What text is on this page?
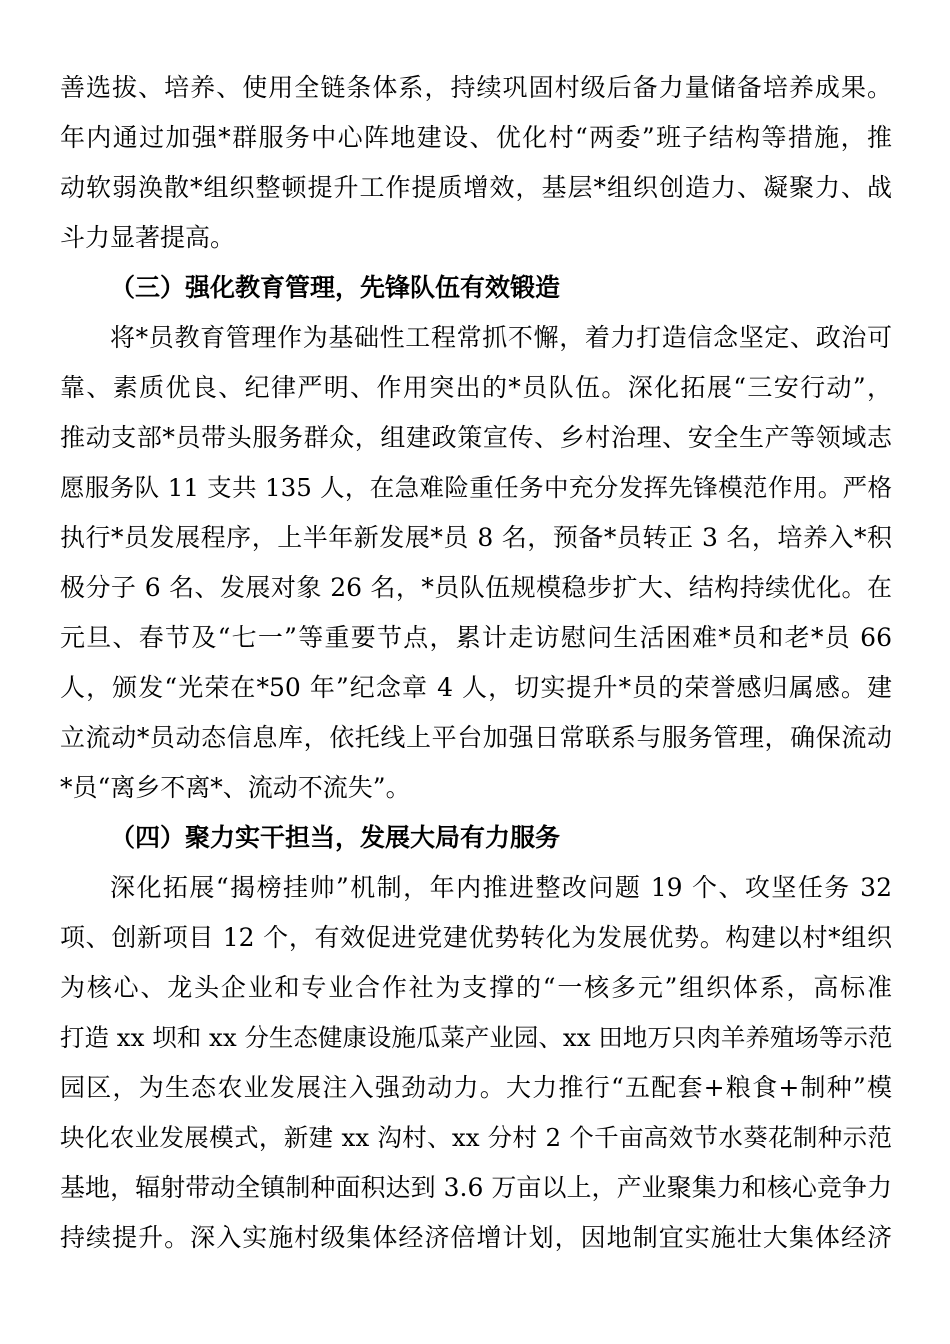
善选拔、培养、使用全链条体系，持续巩固村级后备力量储备培养成果。
年内通过加强*群服务中心阵地建设、优化村“两委”班子结构等措施，推
动软弱涣散*组织整顿提升工作提质增效，基层*组织创造力、凝聚力、战
斗力显著提高。
（三）强化教育管理，先锋队伍有效锻造
将*员教育管理作为基础性工程常抓不懈，着力打造信念坚定、政治可
靠、素质优良、纪律严明、作用突出的*员队伍。深化拓展“三安行动”，
推动支部*员带头服务群众，组建政策宣传、乡村治理、安全生产等领域志
愿服务队 11 支共 135 人，在急难险重任务中充分发挥先锋模范作用。严格
执行*员发展程序，上半年新发展*员 8 名，预备*员转正 3 名，培养入*积
极分子 6 名、发展对象 26 名，*员队伍规模稳步扩大、结构持续优化。在
元旦、春节及“七一”等重要节点，累计走访慰问生活困难*员和老*员 66
人，颁发“光荣在*50 年”纪念章 4 人，切实提升*员的荣誉感归属感。建
立流动*员动态信息库，依托线上平台加强日常联系与服务管理，确保流动
*员“离乡不离*、流动不流失”。
（四）聚力实干担当，发展大局有力服务
深化拓展“揭榜挂帅”机制，年内推进整改问题 19 个、攻坚任务 32
项、创新项目 12 个，有效促进党建优势转化为发展优势。构建以村*组织
为核心、龙头企业和专业合作社为支撑的“一核多元”组织体系，高标准
打造 xx 坝和 xx 分生态健康设施瓜菜产业园、xx 田地万只肉羊养殖场等示范
园区，为生态农业发展注入强劲动力。大力推行“五配套+粮食+制种”模
块化农业发展模式，新建 xx 沟村、xx 分村 2 个千亩高效节水葵花制种示范
基地，辐射带动全镇制种面积达到 3.6 万亩以上，产业聚集力和核心竞争力
持续提升。深入实施村级集体经济倍增计划，因地制宜实施壮大集体经济
